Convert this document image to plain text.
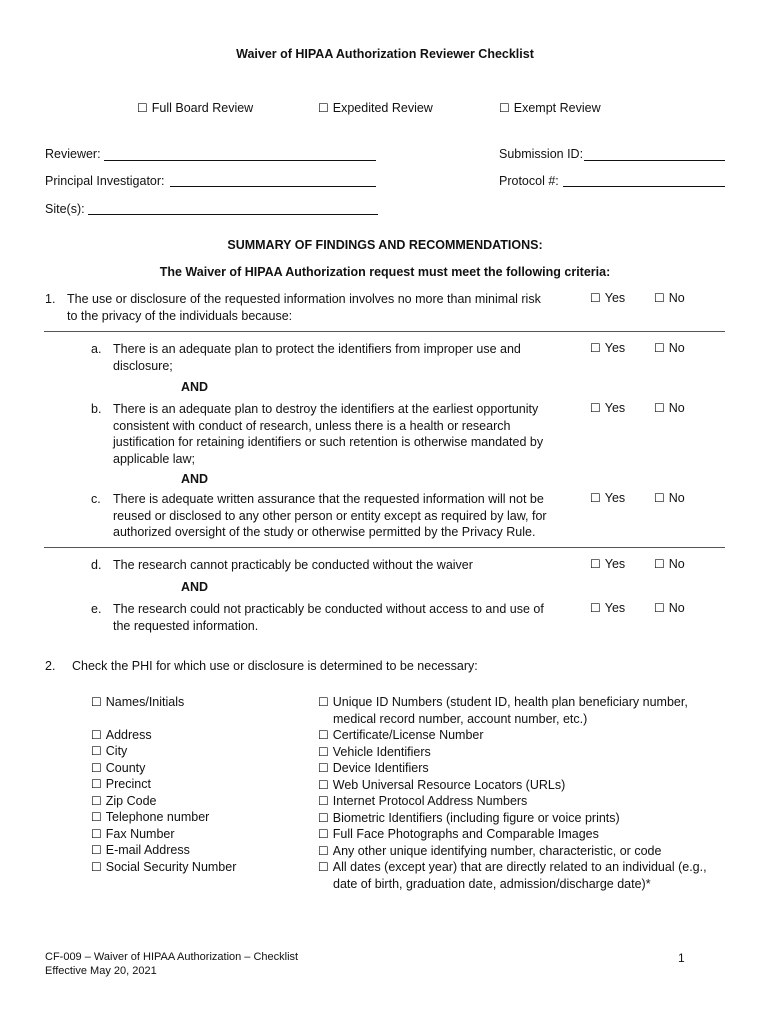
Waiver of HIPAA Authorization Reviewer Checklist
☐ Full Board Review	☐ Expedited Review	☐ Exempt Review
Reviewer:	Submission ID:
Principal Investigator:	Protocol #:
Site(s):
SUMMARY OF FINDINGS AND RECOMMENDATIONS:
The Waiver of HIPAA Authorization request must meet the following criteria:
1. The use or disclosure of the requested information involves no more than minimal risk
to the privacy of the individuals because:
☐ Yes ☐ No
a. There is an adequate plan to protect the identifiers from improper use and disclosure;
☐ Yes ☐ No
AND
b. There is an adequate plan to destroy the identifiers at the earliest opportunity consistent with conduct of research, unless there is a health or research justification for retaining identifiers or such retention is otherwise mandated by applicable law;
☐ Yes ☐ No
AND
c. There is adequate written assurance that the requested information will not be reused or disclosed to any other person or entity except as required by law, for authorized oversight of the study or otherwise permitted by the Privacy Rule.
☐ Yes ☐ No
d. The research cannot practicably be conducted without the waiver	☐ Yes ☐ No
AND
e. The research could not practicably be conducted without access to and use of the requested information.
☐ Yes ☐ No
2. Check the PHI for which use or disclosure is determined to be necessary:
☐ Names/Initials
☐ Address
☐ City
☐ County
☐ Precinct
☐ Zip Code
☐ Telephone number
☐ Fax Number
☐ E-mail Address
☐ Social Security Number
☐ Unique ID Numbers (student ID, health plan beneficiary number,
medical record number, account number, etc.)
☐ Certificate/License Number
☐ Vehicle Identifiers
☐ Device Identifiers
☐ Web Universal Resource Locators (URLs)
☐ Internet Protocol Address Numbers
☐ Biometric Identifiers (including figure or voice prints)
☐ Full Face Photographs and Comparable Images
☐ Any other unique identifying number, characteristic, or code
☐ All dates (except year) that are directly related to an individual (e.g.,
date of birth, graduation date, admission/discharge date)*
CF-009 – Waiver of HIPAA Authorization – Checklist
Effective May 20, 2021
1
